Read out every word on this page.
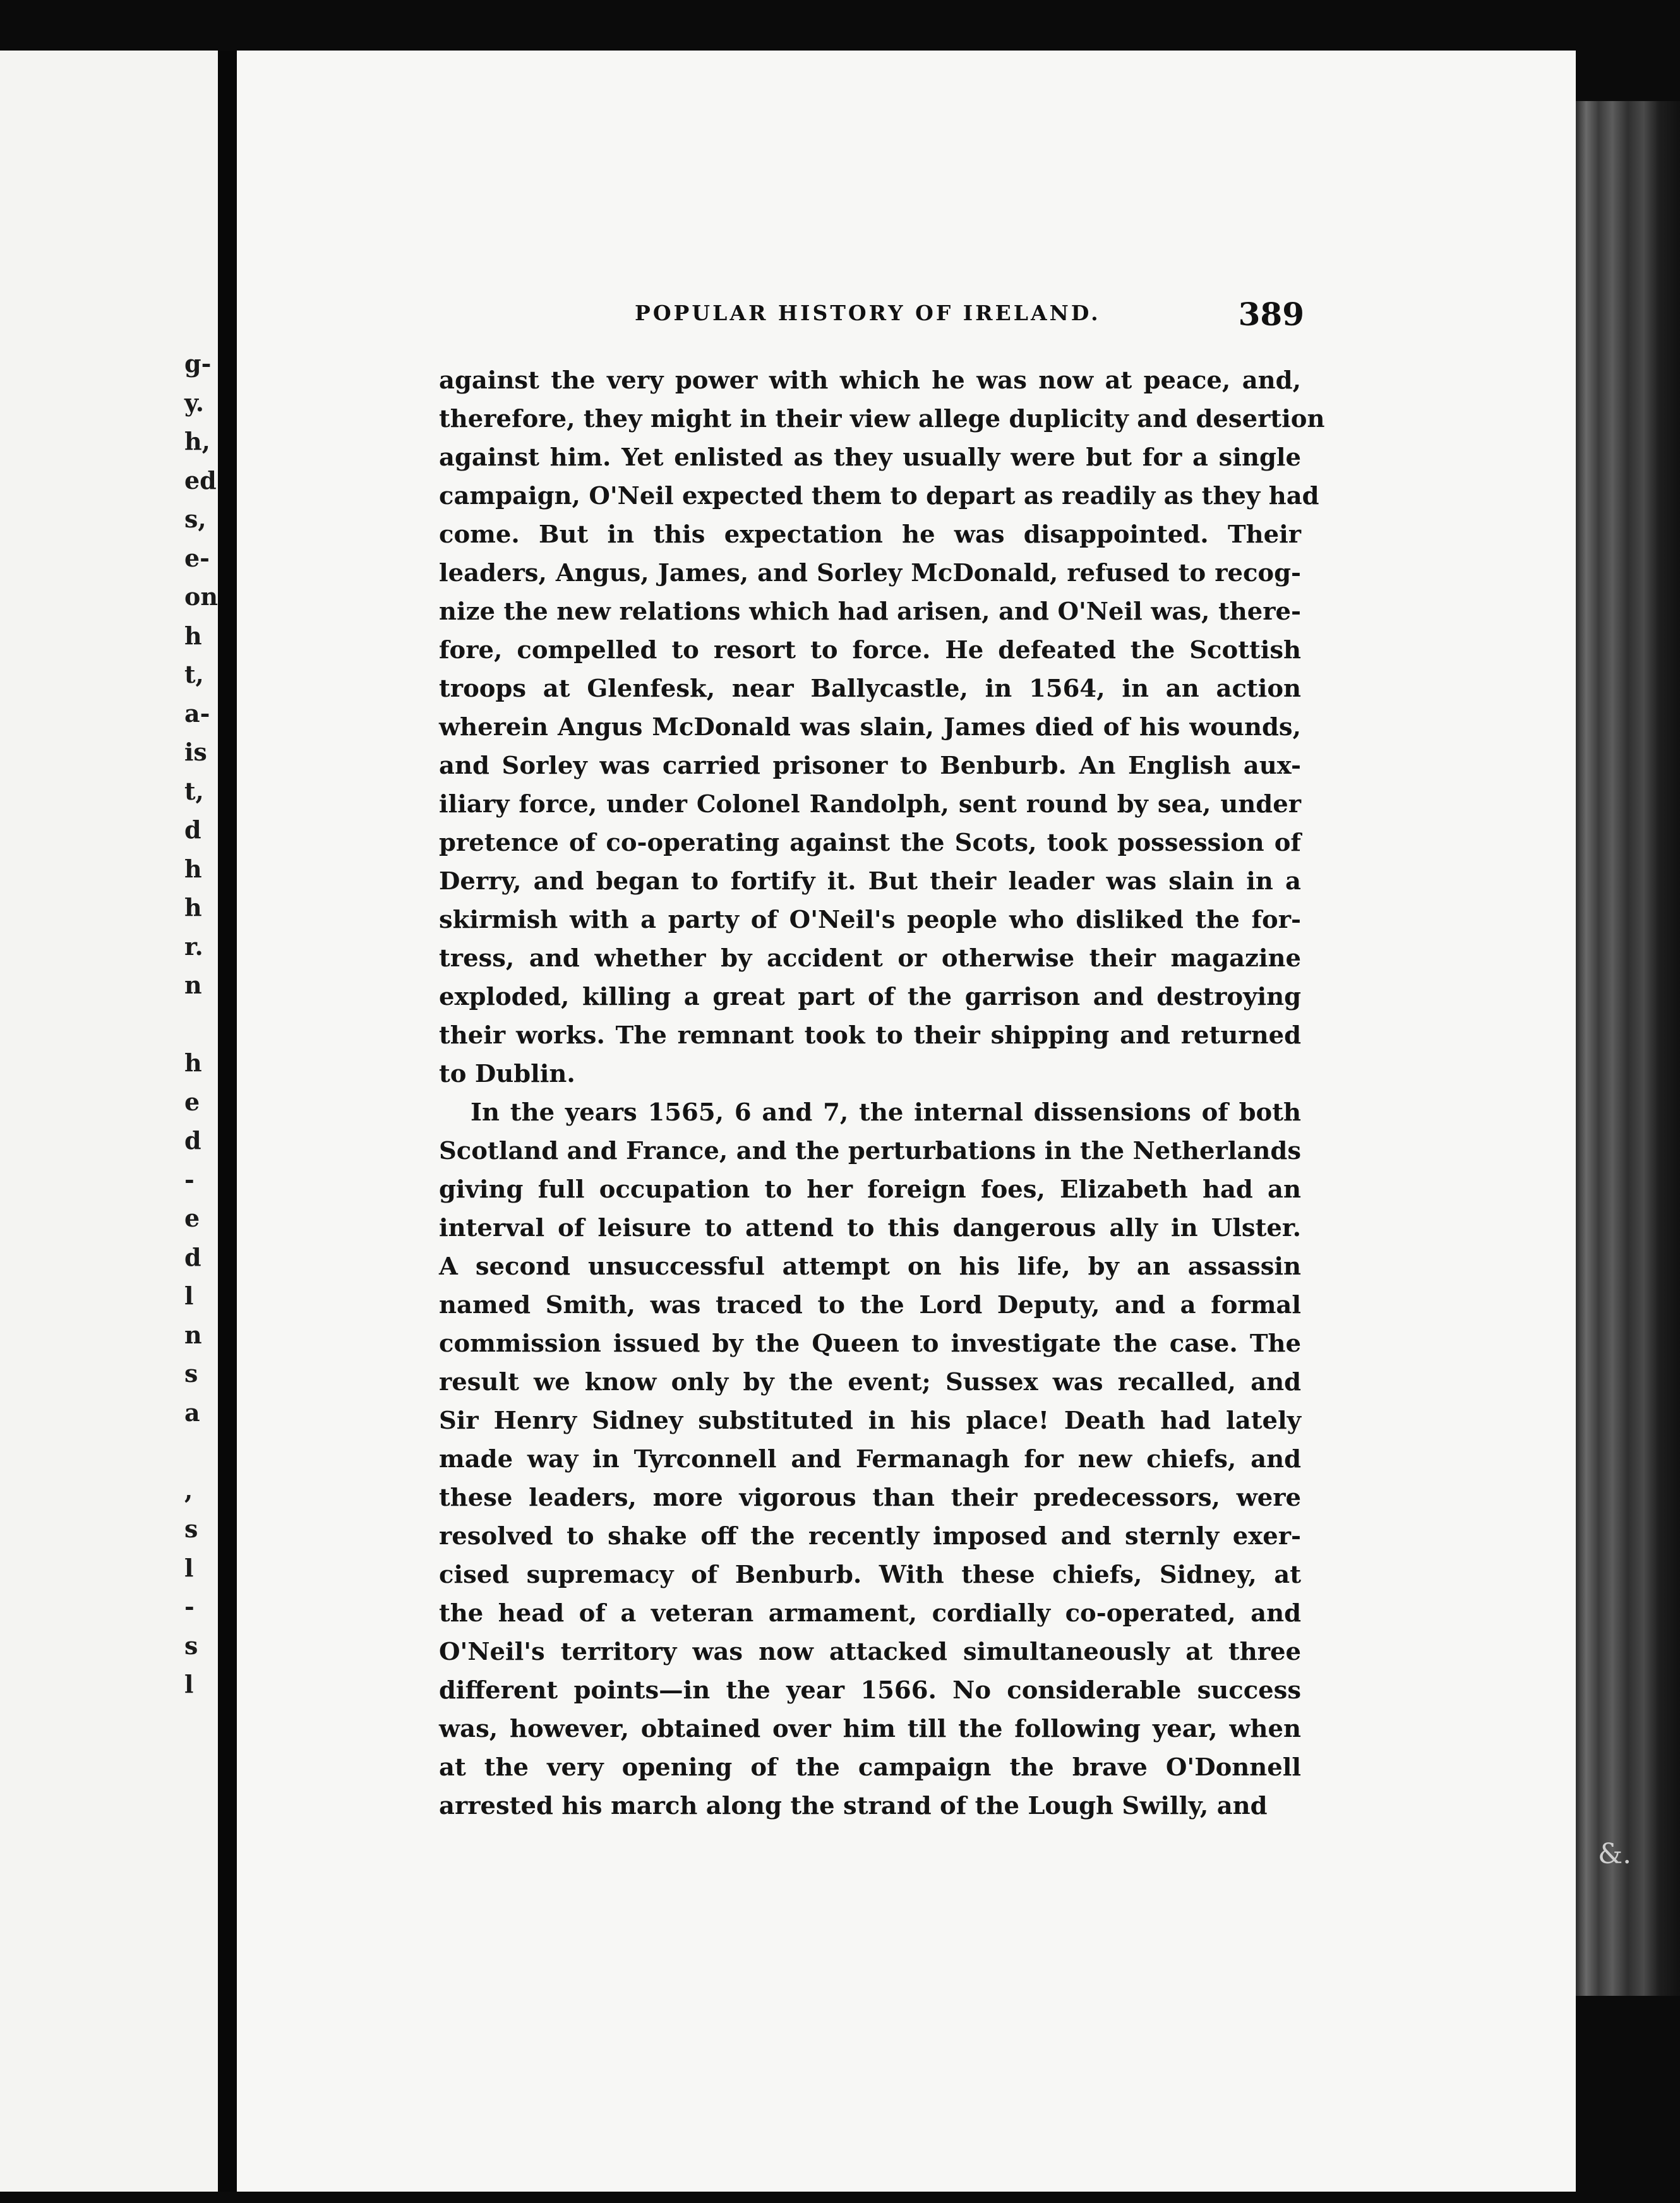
g-
y.
h,
ed
s,
e-
on
h
t,
a-
is
t,
d
h
h
r.
n
h
e
d
-
e
d
l
n
s
a
,
s
l
-
s
l
POPULAR HISTORY OF IRELAND.	389
against the very power with which he was now at peace, and,
therefore, they might in their view allege duplicity and desertion
against him. Yet enlisted as they usually were but for a single
campaign, O'Neil expected them to depart as readily as they had
come. But in this expectation he was disappointed. Their
leaders, Angus, James, and Sorley McDonald, refused to recog-
nize the new relations which had arisen, and O'Neil was, there-
fore, compelled to resort to force. He defeated the Scottish
troops at Glenfesk, near Ballycastle, in 1564, in an action
wherein Angus McDonald was slain, James died of his wounds,
and Sorley was carried prisoner to Benburb. An English aux-
iliary force, under Colonel Randolph, sent round by sea, under
pretence of co-operating against the Scots, took possession of
Derry, and began to fortify it. But their leader was slain in a
skirmish with a party of O'Neil's people who disliked the for-
tress, and whether by accident or otherwise their magazine
exploded, killing a great part of the garrison and destroying
their works. The remnant took to their shipping and returned
to Dublin.
In the years 1565, 6 and 7, the internal dissensions of both
Scotland and France, and the perturbations in the Netherlands
giving full occupation to her foreign foes, Elizabeth had an
interval of leisure to attend to this dangerous ally in Ulster.
A second unsuccessful attempt on his life, by an assassin
named Smith, was traced to the Lord Deputy, and a formal
commission issued by the Queen to investigate the case. The
result we know only by the event; Sussex was recalled, and
Sir Henry Sidney substituted in his place! Death had lately
made way in Tyrconnell and Fermanagh for new chiefs, and
these leaders, more vigorous than their predecessors, were
resolved to shake off the recently imposed and sternly exer-
cised supremacy of Benburb. With these chiefs, Sidney, at
the head of a veteran armament, cordially co-operated, and
O'Neil's territory was now attacked simultaneously at three
different points—in the year 1566. No considerable success
was, however, obtained over him till the following year, when
at the very opening of the campaign the brave O'Donnell
arrested his march along the strand of the Lough Swilly, and
&.
